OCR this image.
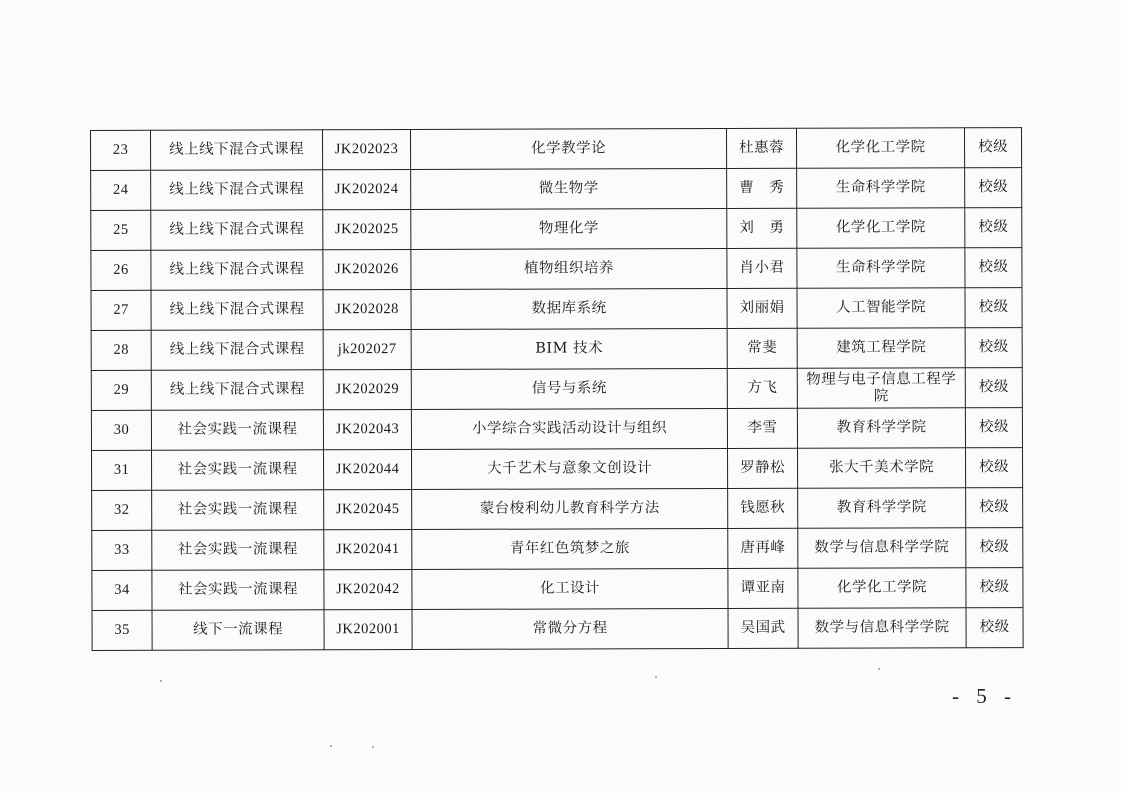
23	线上线下混合式课程	JK202023	化学教学论	杜惠蓉	化学化工学院	校级
24	线上线下混合式课程	JK202024	微生物学	曹　秀	生命科学学院	校级
25	线上线下混合式课程	JK202025	物理化学	刘　勇	化学化工学院	校级
26	线上线下混合式课程	JK202026	植物组织培养	肖小君	生命科学学院	校级
27	线上线下混合式课程	JK202028	数据库系统	刘丽娟	人工智能学院	校级
28	线上线下混合式课程	jk202027	BIM 技术	常斐	建筑工程学院	校级
29	线上线下混合式课程	JK202029	信号与系统	方飞	物理与电子信息工程学院	校级
30	社会实践一流课程	JK202043	小学综合实践活动设计与组织	李雪	教育科学学院	校级
31	社会实践一流课程	JK202044	大千艺术与意象文创设计	罗静松	张大千美术学院	校级
32	社会实践一流课程	JK202045	蒙台梭利幼儿教育科学方法	钱愿秋	教育科学学院	校级
33	社会实践一流课程	JK202041	青年红色筑梦之旅	唐再峰	数学与信息科学学院	校级
34	社会实践一流课程	JK202042	化工设计	谭亚南	化学化工学院	校级
35	线下一流课程	JK202001	常微分方程	吴国武	数学与信息科学学院	校级
- 5 -
